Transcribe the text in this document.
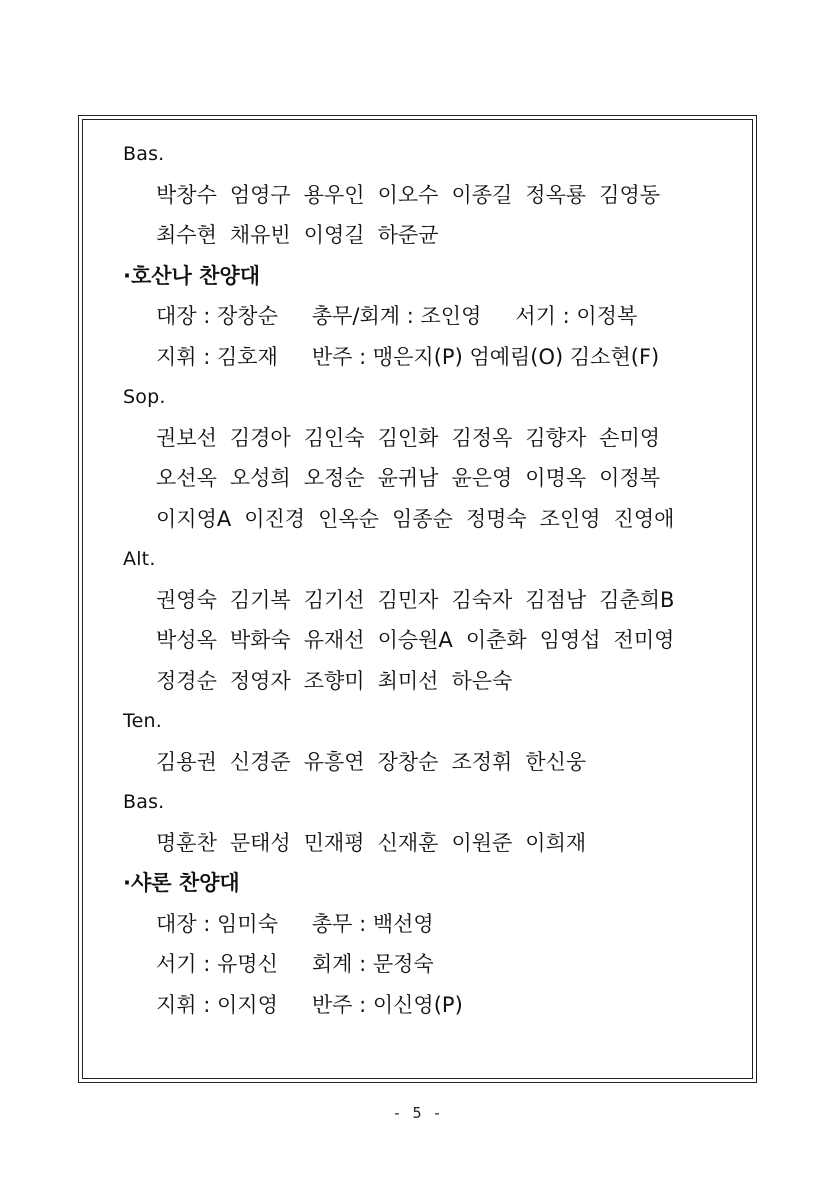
Bas.
박창수 엄영구 용우인 이오수 이종길 정옥룡 김영동
최수현 채유빈 이영길 하준균
·호산나 찬양대
대장 : 장창순 총무/회계 : 조인영 서기 : 이정복
지휘 : 김호재 반주 : 맹은지(P) 엄예림(O) 김소현(F)
Sop.
권보선 김경아 김인숙 김인화 김정옥 김향자 손미영
오선옥 오성희 오정순 윤귀남 윤은영 이명옥 이정복
이지영A 이진경 인옥순 임종순 정명숙 조인영 진영애
Alt.
권영숙 김기복 김기선 김민자 김숙자 김점남 김춘희B
박성옥 박화숙 유재선 이승원A 이춘화 임영섭 전미영
정경순 정영자 조향미 최미선 하은숙
Ten.
김용권 신경준 유흥연 장창순 조정휘 한신웅
Bas.
명훈찬 문태성 민재평 신재훈 이원준 이희재
·샤론 찬양대
대장 : 임미숙 총무 : 백선영
서기 : 유명신 회계 : 문정숙
지휘 : 이지영 반주 : 이신영(P)
- 5 -
